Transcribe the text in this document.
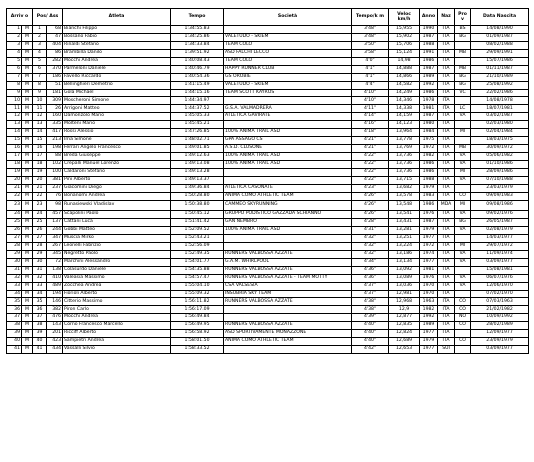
Arriv o		Pos/ Ass		Atleta	Tempo	Società	Tempo/k m	Veloc km/h	Anno	Naz	Pro v	Data Nascita
1	M	1	68	Bianchi Filippo	1:34:55.83		3'48"	15,955	1990	ITA	BS	14/08/1990
2	M	2	47	Bossano Fabio	1:34:25.86	VALETUDO - SKIEM	3'48"	15,902	1987	ITA	BG	01/09/1987
3	M	3	404	Rinaldi Stefano	1:34:33.84	TEAM COLO	3'50"	15,706	1988	ITA		08/02/1988
4	M	4	86	Brambilla Danilo	1:39:51.92	ASD FALCHI LECCO	3'58"	15,124	1991	ITA	MB	29/09/1991
5	M	5	282	Mocchi Andrea	1:40:08.43	TEAM COLO	4'0"	14,98	1986	ITA		15/07/1986
6	M	6	370	Parmeloni Daniele	1:40:46.79	HAPPY RUNNER CLUB	4'1"	14,888	1987	ITA	MB	01/11/1987
7	M	7	186	Favello Riccardo	1:40:54.36	GS OROBIE	4'1"	14,866	1989	ITA	BG	21/10/1989
8	M	8	51	Bellinghieri Demetrio	1:41:15.49	VALETUDO - SKIEM	4'4"	14,582	1992	ITA	BG	25/08/1992
9	M	9	181	Gola Michael	1:44:15.16	TEAM SCOTT KAYROS	4'10"	14,249	1986	ITA	VC	22/02/1986
10	M	10	309	Moscheroni Simone	1:44:34.97		4'10"	14,346	1978	ITA		14/08/1978
11	M	11	26	Arrigoni Matteo	1:44:37.52	G.S.A. VALMADRERA	4'11"	14,338	1981	ITA	LC	18/07/1981
12	M	12	160	Damonzolo Mario	1:45:05.33	ATLETICA GAVIRATE	4'14"	14,159	1987	ITA	VA	03/02/1987
13	M	13	335	Molteni Mario	1:45:45.21		4'16"	14,123	1980	ITA		02/03/1980
14	M	14	417	Rossi Alessio	1:47:26.85	100% ANIMA TRAIL ASD	4'18"	13,964	1984	ITA	MI	02/04/1984
15	M	15	213	Irna Simone	1:48:02.71	GPA ASSAGO CS	4'21"	13,778	1975	ITA		18/03/1975
16	M	16	198	Ferrari Angelo Francesco	1:49:01.85	A.S.D. CLUSONE	4'21"	13,769	1972	ITA	MB	30/09/1972
17	M	17	88	Breda Giuseppe	1:49:12.63	100% ANIMA TRAIL ASD	4'22"	13,736	1982	ITA	VA	05/06/1982
18	M	18	102	Crepalli Manuel Lorenzo	1:49:13.08	100% ANIMA TRAIL ASD	4'22"	13,736	1986	ITA	VA	01/10/1986
19	M	19	100	Caldaroni Stefano	1:49:13.28		4'22"	13,736	1986	ITA	MI	28/09/1986
20	M	20	381	Pini Alberto	1:49:13.37		4'22"	13,715	1988	ITA	VA	07/10/1988
21	M	21	237	Giacomini Diego	1:49:36.84	ATLETICA CASONATE	4'23"	13,682	1979	ITA		23/03/1979
22	M	22	76	Bonanomi Andrea	1:50:28.80	ANIMA COMO ATHLETIC TEAM	4'26"	13,578	1983	ITA	CO	09/09/1983
23	M	23	98	Runasiewski Vladislav	1:50:38.80	CAMMEO SKYRUNNING	4'26"	13,548	1986	MDA	MI	09/08/1986
24	M	24	457	Scapolini Paolo	1:50:45.12	GRUPPO PODISTICO GAZZADA SCHIANNO	4'26"	13,541	1976	ITA	VA	09/02/1976
25	M	25	137	Cattani Luca	1:51:41.42	GAN NEMBRO	4'28"	13,431	1987	ITA	BG	26/05/1987
26	M	26	244	Gobbi Matteo	1:52:09.52	100% ANIMA TRAIL ASD	4'31"	13,281	1979	ITA	VA	02/08/1979
27	M	27	347	Muscia Mirko	1:52:43.21		4'32"	13,251	1977	ITA		14/03/1977
28	M	28	267	Leonelli Fabrizio	1:52:56.09		4'32"	13,224	1972	ITA	MI	29/07/1972
29	M	29	345	Negretto Paolo	1:52:49.35	RUNNERS VALBOSSA AZZATE	4'32"	13,186	1974	ITA	VA	11/09/1974
30	M	30	72	Marchini Alessandro	1:54:01.77	G.A.M. WHIRLPOOL	4'34"	13,134	1977	ITA	VA	03/09/1977
31	M	31	138	Colasurdo Daniele	1:54:35.88	RUNNERS VALBOSSA AZZATE	4'36"	13,092	1981	ITA		15/08/1981
32	M	32	410	Valeasia Massimo	1:54:57.47	RUNNERS VALBOSSA AZZATE - TEAM MOTTY	4'36"	13,089	1976	ITA	VA	06/07/1976
33	M	33	489	Zocchea Andrea	1:55:04.10	CSA VALSESIA	4'37"	13,036	1970	ITA	VA	12/06/1970
34	M	34	194	Fiorioli Alberto	1:55:09.32	INSUBRIA SKY TEAM	4'37"	12,981	1970	ITA		07/02/1970
35	M	35	146	Citterio Massimo	1:56:11.82	RUNNERS VALBOSSA AZZATE	4'38"	12,968	1963	ITA	CO	07/03/1963
36	M	36	382	Piron Carlo	1:56:17.09		4'38"	12,9	1982	ITA	CO	21/02/1982
37	M	37	476	Mocchi Andrea	1:56:49.84		4'39"	12,877	1992	ITA	NO	10/09/1992
38	M	38	143	Corno Francesco Marcello	1:56:49.95	RUNNERS VALBOSSA AZZATE	4'40"	12,835	1989	ITA	CO	28/02/1989
39	M	39	201	Ricciff Alberto	1:56:58.92	ASD SPORTIVAMENTE MONAZZONE	4'40"	12,824	1977	ITA		12/09/1977
40	M	40	423	Sampietri Andrea	1:58:01.50	ANIMA COMO ATHLETIC TEAM	4'40"	12,689	1979	ITA	CO	23/09/1979
41	M	41	434	Vassalli Silvio	1:58:33.52		4'42"	12,653	1977	SUI		03/09/1977
